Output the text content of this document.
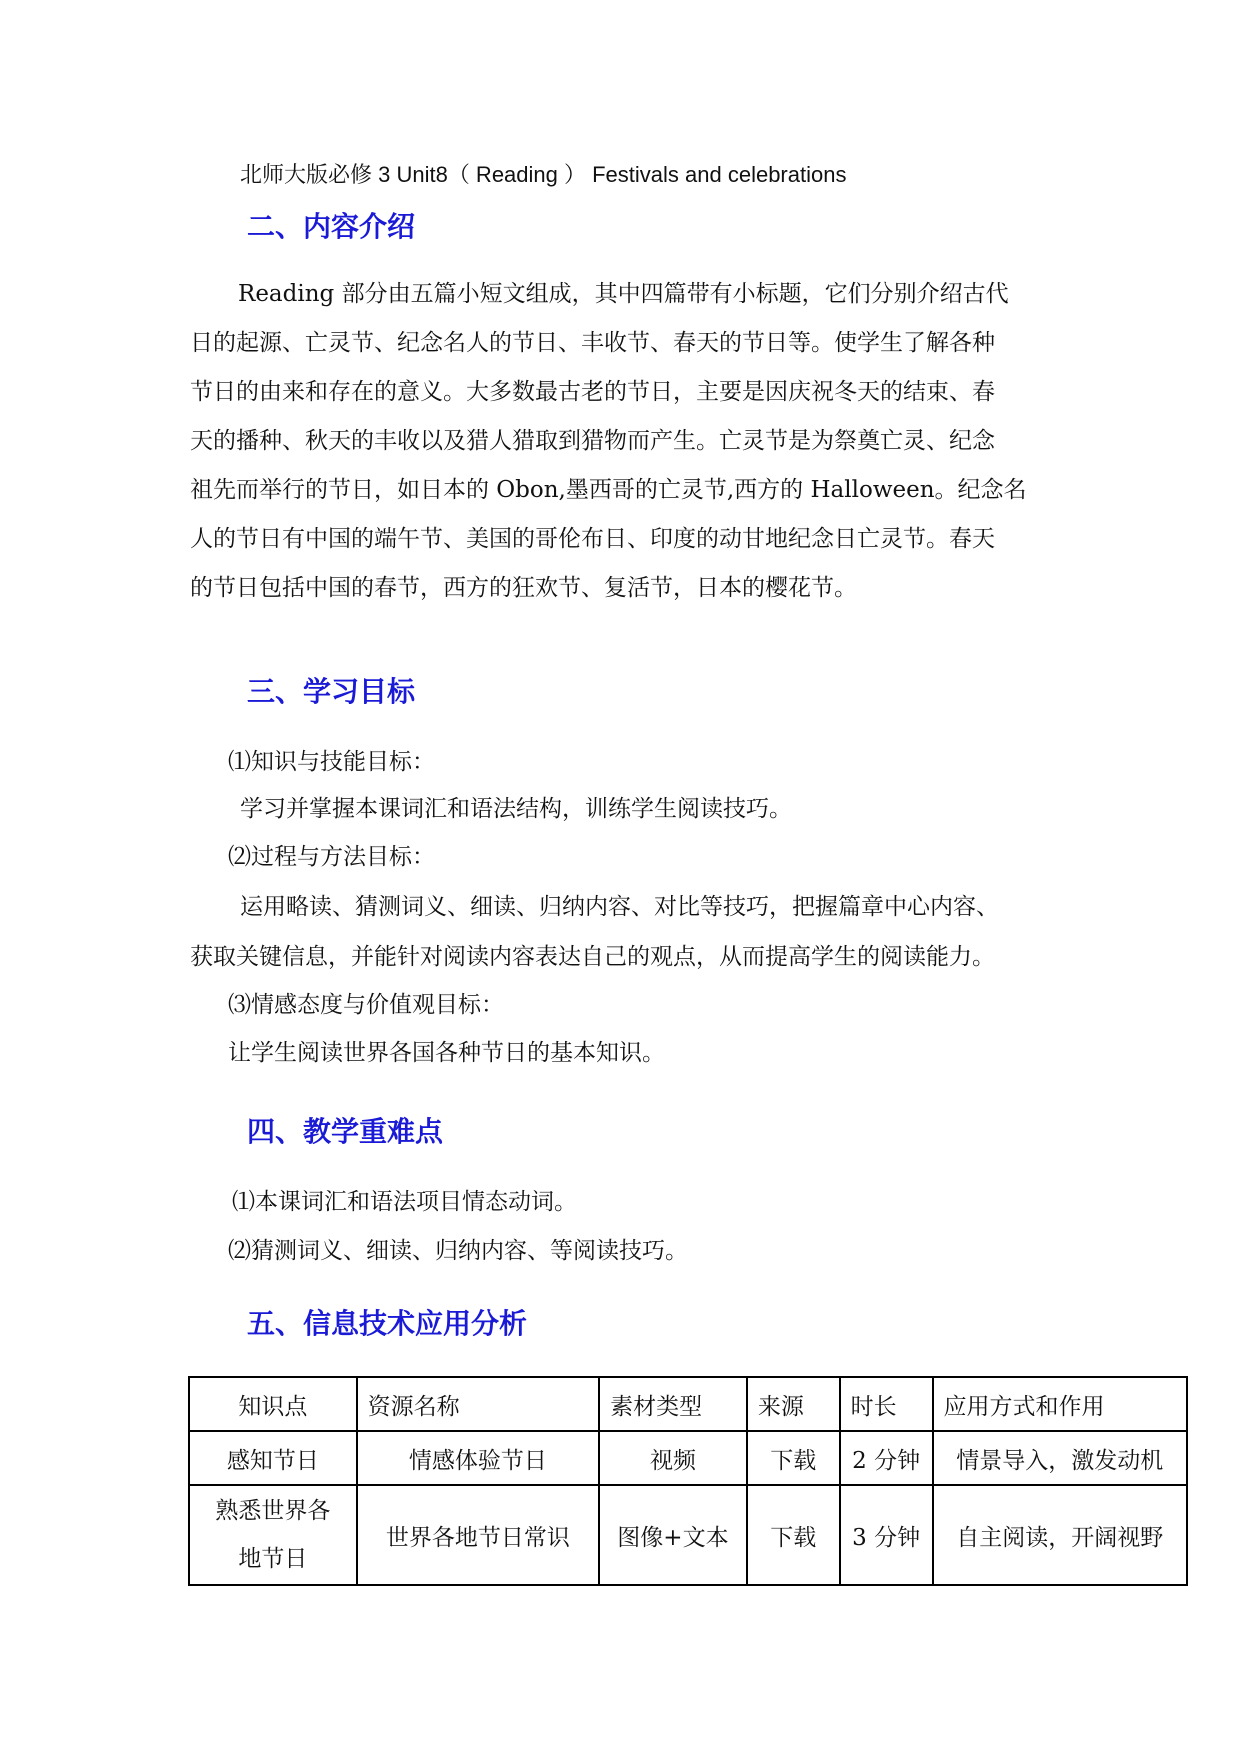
北师大版必修 3 Unit8（ Reading ） Festivals and celebrations
二、内容介绍
Reading 部分由五篇小短文组成，其中四篇带有小标题，它们分别介绍古代
日的起源、亡灵节、纪念名人的节日、丰收节、春天的节日等。使学生了解各种
节日的由来和存在的意义。大多数最古老的节日，主要是因庆祝冬天的结束、春
天的播种、秋天的丰收以及猎人猎取到猎物而产生。亡灵节是为祭奠亡灵、纪念
祖先而举行的节日，如日本的 Obon,墨西哥的亡灵节,西方的 Halloween。纪念名
人的节日有中国的端午节、美国的哥伦布日、印度的动甘地纪念日亡灵节。春天
的节日包括中国的春节，西方的狂欢节、复活节，日本的樱花节。
三、学习目标
⑴知识与技能目标：
学习并掌握本课词汇和语法结构，训练学生阅读技巧。
⑵过程与方法目标：
运用略读、猜测词义、细读、归纳内容、对比等技巧，把握篇章中心内容、
获取关键信息，并能针对阅读内容表达自己的观点，从而提高学生的阅读能力。
⑶情感态度与价值观目标：
让学生阅读世界各国各种节日的基本知识。
四、教学重难点
⑴本课词汇和语法项目情态动词。
⑵猜测词义、细读、归纳内容、等阅读技巧。
五、信息技术应用分析
知识点	资源名称	素材类型	来源	时长	应用方式和作用
感知节日	情感体验节日	视频	下载	2 分钟	情景导入，激发动机

熟悉世界各
地节日	世界各地节日常识	图像+文本	下载	3 分钟	自主阅读，开阔视野
